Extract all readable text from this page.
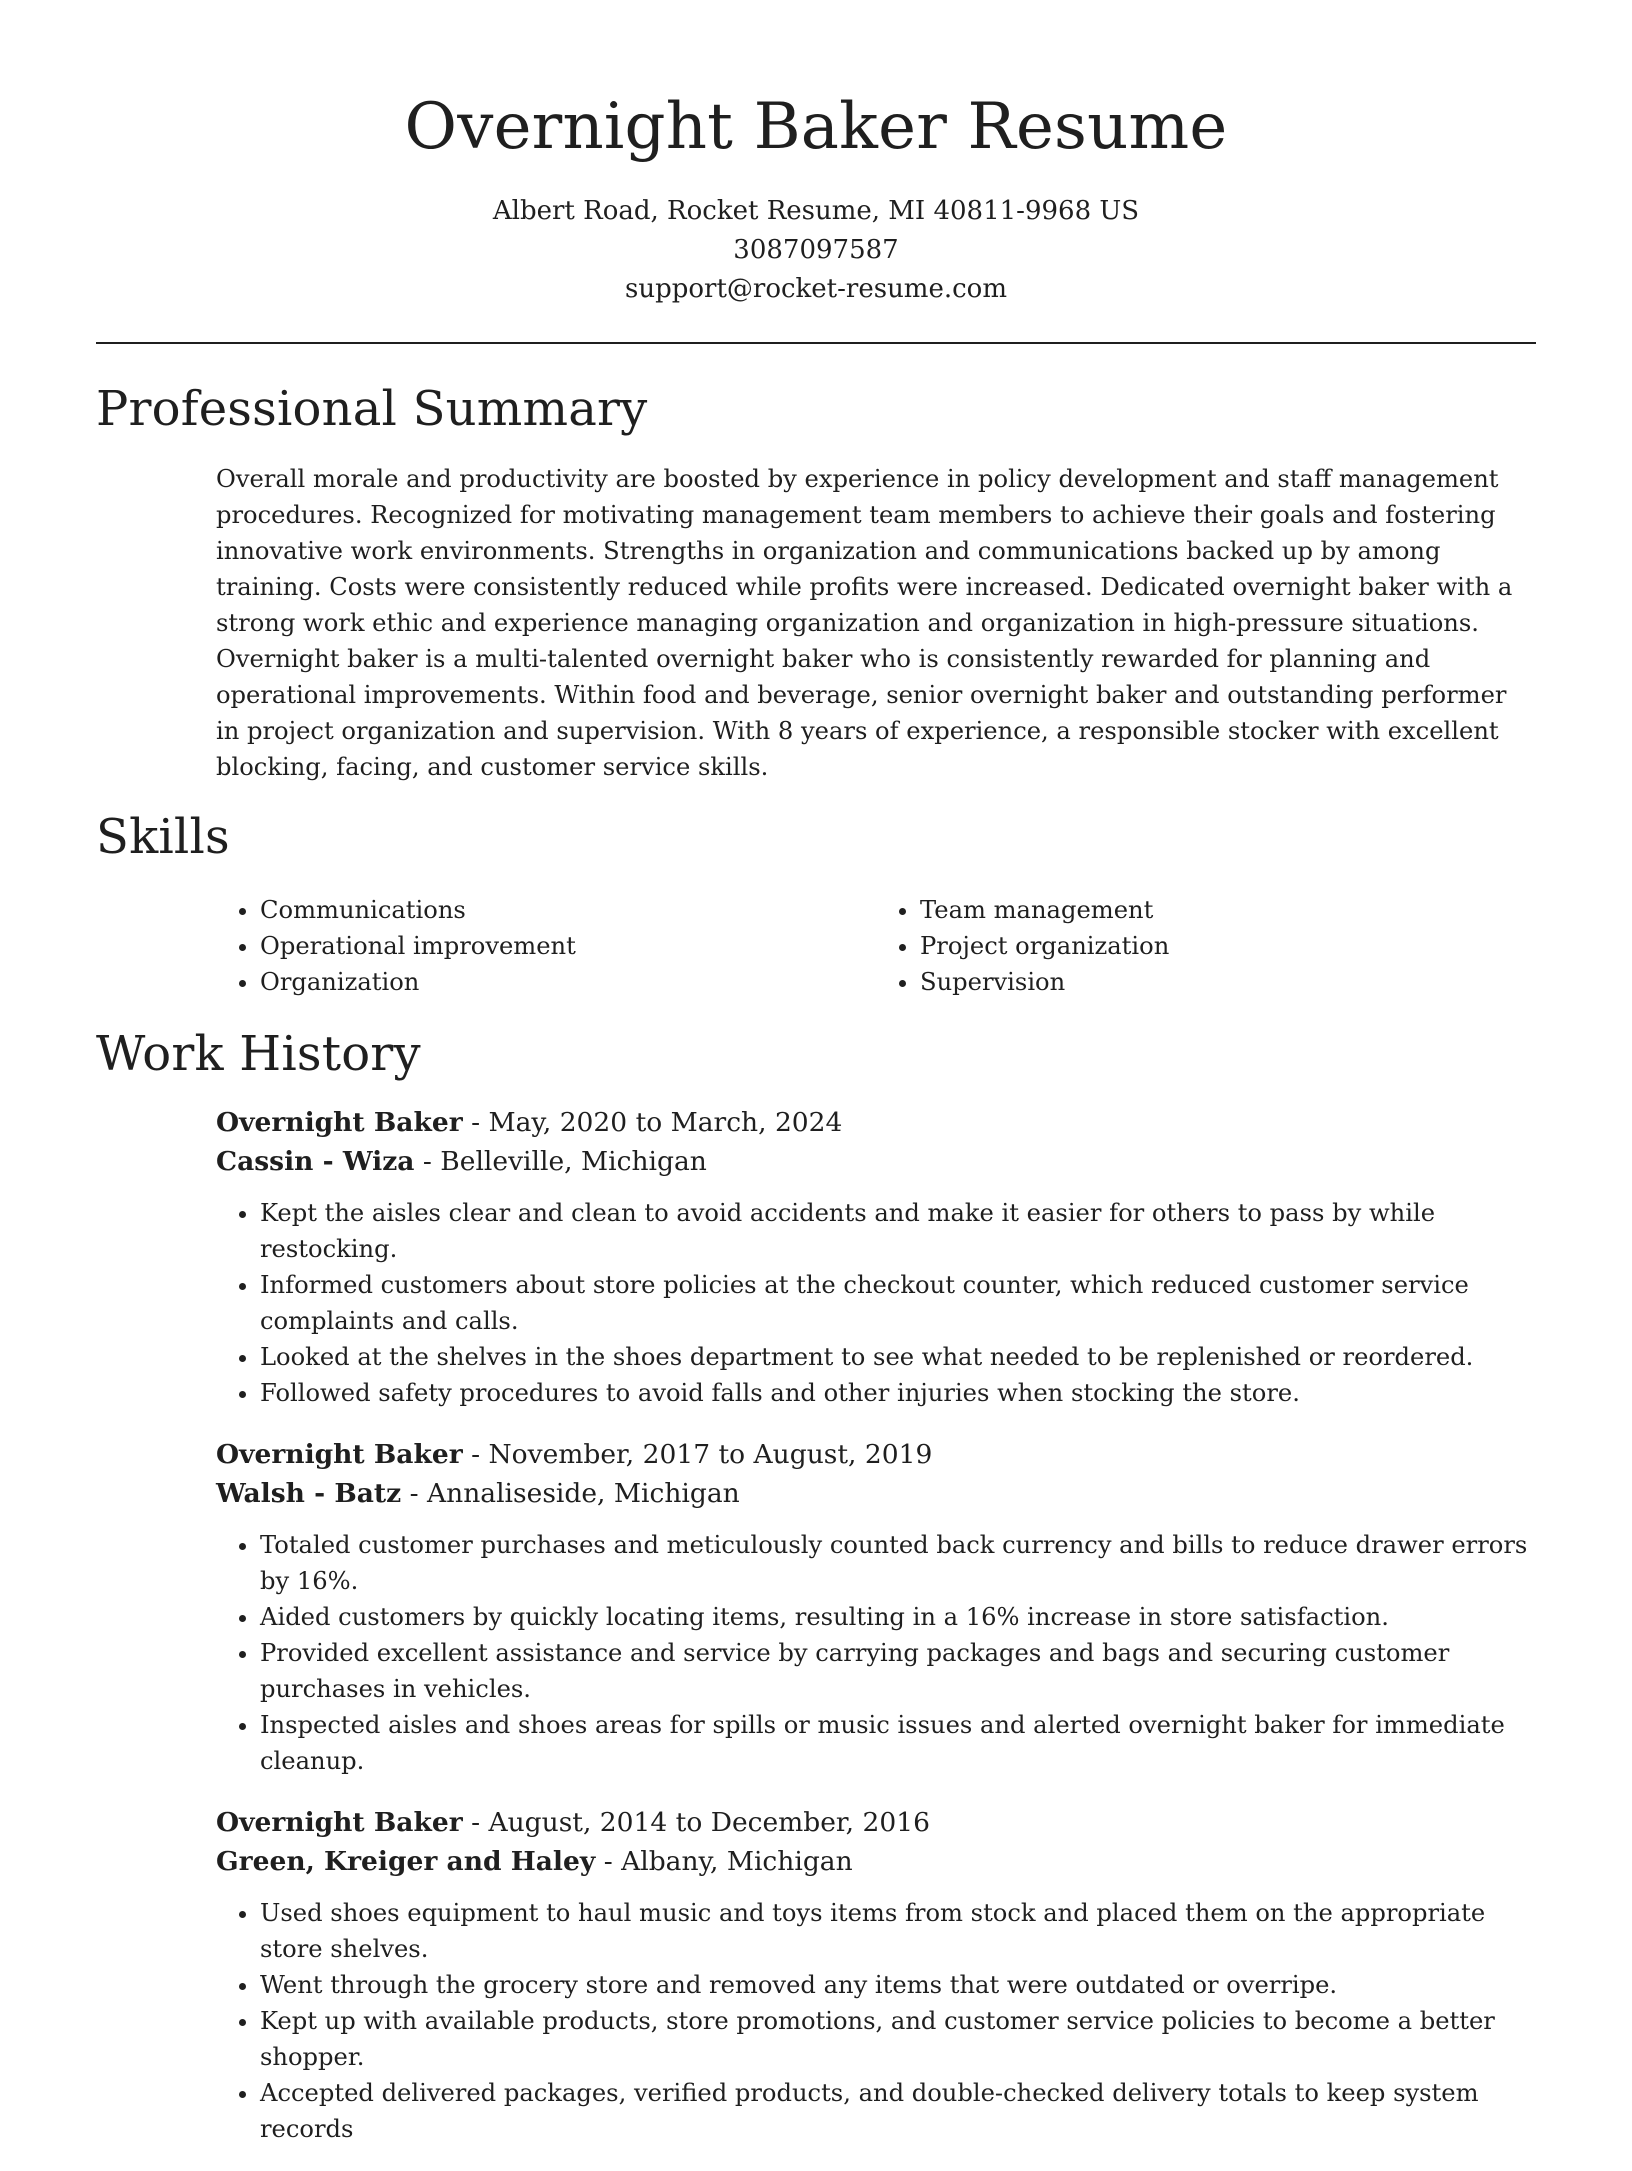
Overnight Baker Resume
Albert Road, Rocket Resume, MI 40811-9968 US
3087097587
support@rocket-resume.com
Professional Summary

Overall morale and productivity are boosted by experience in policy development and staff management procedures. Recognized for motivating management team members to achieve their goals and fostering innovative work environments. Strengths in organization and communications backed up by among training. Costs were consistently reduced while profits were increased. Dedicated overnight baker with a strong work ethic and experience managing organization and organization in high-pressure situations. Overnight baker is a multi-talented overnight baker who is consistently rewarded for planning and operational improvements. Within food and beverage, senior overnight baker and outstanding performer in project organization and supervision. With 8 years of experience, a responsible stocker with excellent blocking, facing, and customer service skills.

Skills
• Communications
• Operational improvement
• Organization
• Team management
• Project organization
• Supervision
Work History
Overnight Baker - May, 2020 to March, 2024
Cassin - Wiza - Belleville, Michigan
• Kept the aisles clear and clean to avoid accidents and make it easier for others to pass by while restocking.
• Informed customers about store policies at the checkout counter, which reduced customer service complaints and calls.
• Looked at the shelves in the shoes department to see what needed to be replenished or reordered.
• Followed safety procedures to avoid falls and other injuries when stocking the store.
Overnight Baker - November, 2017 to August, 2019
Walsh - Batz - Annaliseside, Michigan
• Totaled customer purchases and meticulously counted back currency and bills to reduce drawer errors by 16%.
• Aided customers by quickly locating items, resulting in a 16% increase in store satisfaction.
• Provided excellent assistance and service by carrying packages and bags and securing customer purchases in vehicles.
• Inspected aisles and shoes areas for spills or music issues and alerted overnight baker for immediate cleanup.
Overnight Baker - August, 2014 to December, 2016
Green, Kreiger and Haley - Albany, Michigan
• Used shoes equipment to haul music and toys items from stock and placed them on the appropriate store shelves.
• Went through the grocery store and removed any items that were outdated or overripe.
• Kept up with available products, store promotions, and customer service policies to become a better shopper.
• Accepted delivered packages, verified products, and double-checked delivery totals to keep system records
